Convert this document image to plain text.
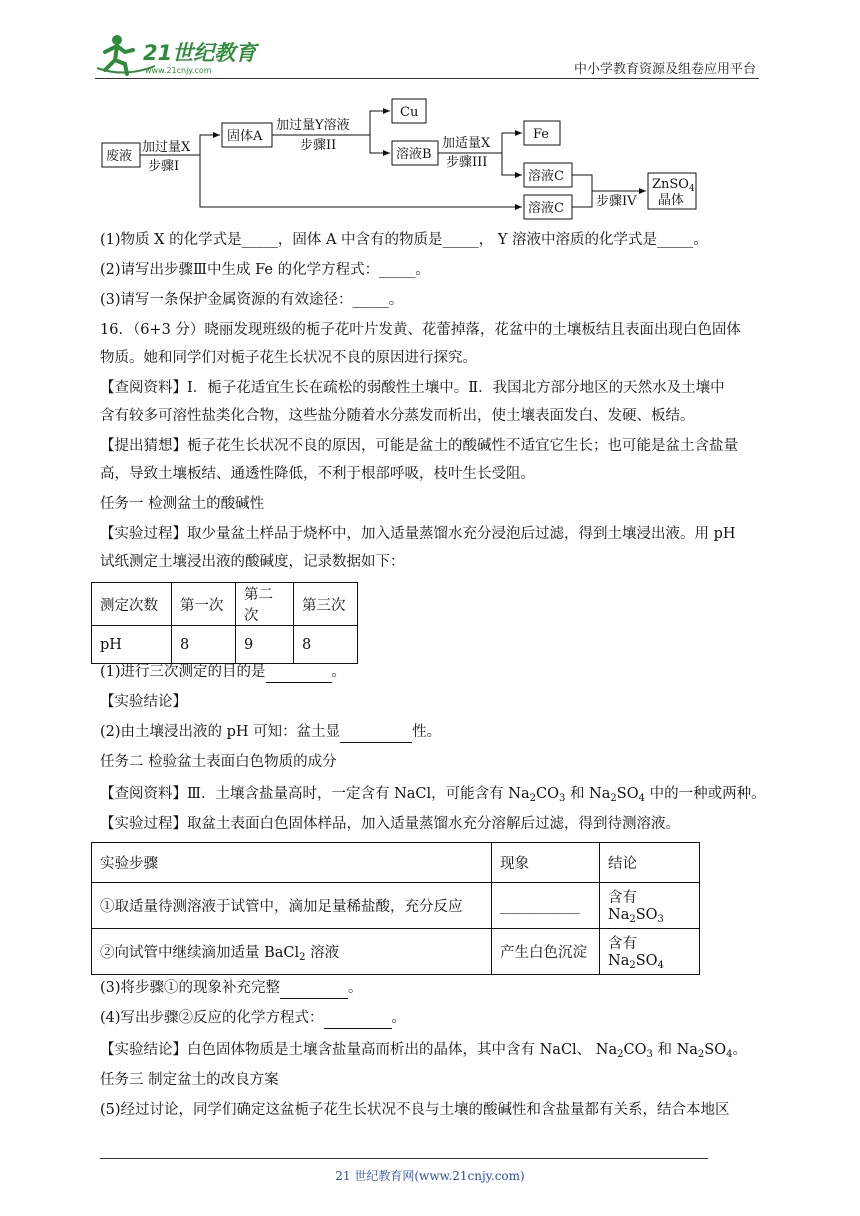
21世纪教育
www.21cnjy.com	中小学教育资源及组卷应用平台
废液
加过量X
步骤I
固体A
加过量Y溶液
步骤II
Cu
溶液B
加适量X
步骤III
Fe
溶液C
溶液C 步骤IV
ZnSO$_4$
晶体
(1)物质 X 的化学式是_____，固体 A 中含有的物质是_____， Y 溶液中溶质的化学式是_____。
(2)请写出步骤Ⅲ中生成 Fe 的化学方程式：_____。
(3)请写一条保护金属资源的有效途径：_____。
16．（6+3 分）晓丽发现班级的栀子花叶片发黄、花蕾掉落，花盆中的土壤板结且表面出现白色固体
物质。她和同学们对栀子花生长状况不良的原因进行探究。
【查阅资料】Ⅰ．栀子花适宜生长在疏松的弱酸性土壤中。Ⅱ．我国北方部分地区的天然水及土壤中
含有较多可溶性盐类化合物，这些盐分随着水分蒸发而析出，使土壤表面发白、发硬、板结。
【提出猜想】栀子花生长状况不良的原因，可能是盆土的酸碱性不适宜它生长；也可能是盆土含盐量
高，导致土壤板结、通透性降低，不利于根部呼吸，枝叶生长受阻。
任务一 检测盆土的酸碱性
【实验过程】取少量盆土样品于烧杯中，加入适量蒸馏水充分浸泡后过滤，得到土壤浸出液。用 pH
试纸测定土壤浸出液的酸碱度，记录数据如下：
测定次数	第一次	第二次	第三次
pH	8	9	8
(1)进行三次测定的目的是	。
【实验结论】
(2)由土壤浸出液的 pH 可知：盆土显	性。
任务二 检验盆土表面白色物质的成分
【查阅资料】Ⅲ．土壤含盐量高时，一定含有 NaCl，可能含有 $Na_2CO_3$ 和 $Na_2SO_4$ 中的一种或两种。
【实验过程】取盆土表面白色固体样品，加入适量蒸馏水充分溶解后过滤，得到待测溶液。
实验步骤	现象	结论
①取适量待测溶液于试管中，滴加足量稀盐酸，充分反应	___________	含有 $Na_2SO_3$
②向试管中继续滴加适量 BaCl$_2$ 溶液	产生白色沉淀	含有 $Na_2SO_4$
(3)将步骤①的现象补充完整	。
(4)写出步骤②反应的化学方程式：	。
【实验结论】白色固体物质是土壤含盐量高而析出的晶体，其中含有 NaCl、 $Na_2CO_3$ 和 $Na_2SO_4$。
任务三 制定盆土的改良方案
(5)经过讨论，同学们确定这盆栀子花生长状况不良与土壤的酸碱性和含盐量都有关系，结合本地区
21 世纪教育网(www.21cnjy.com)
